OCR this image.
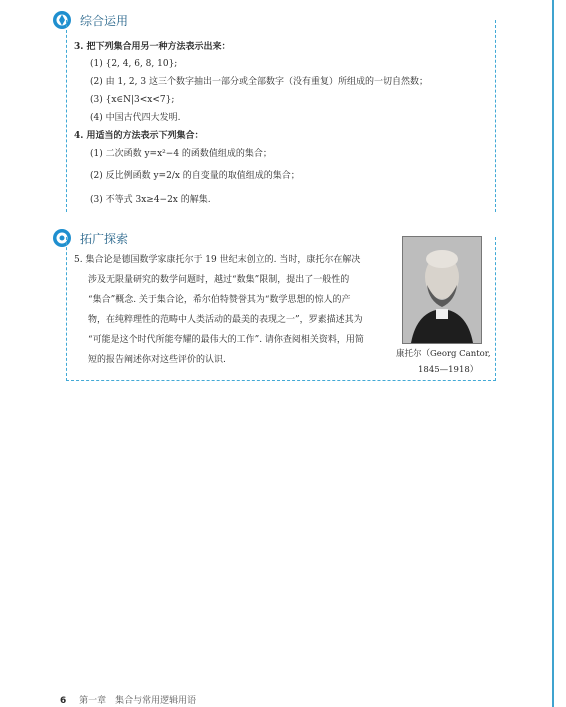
综合运用
3. 把下列集合用另一种方法表示出来：
(1) {2, 4, 6, 8, 10};
(2) 由 1, 2, 3 这三个数字抽出一部分或全部数字（没有重复）所组成的一切自然数；
(3) {x∈N|3<x<7};
(4) 中国古代四大发明.
4. 用适当的方法表示下列集合：
(1) 二次函数 y=x²−4 的函数值组成的集合；
(2) 反比例函数 y=2/x 的自变量的取值组成的集合；
(3) 不等式 3x≥4−2x 的解集.
拓广探索
5. 集合论是德国数学家康托尔于 19 世纪末创立的. 当时，康托尔在解决
涉及无限量研究的数学问题时，越过“数集”限制，提出了一般性的
“集合”概念. 关于集合论，希尔伯特赞誉其为“数学思想的惊人的产
物，在纯粹理性的范畴中人类活动的最美的表现之一”，罗素描述其为
“可能是这个时代所能夸耀的最伟大的工作”. 请你查阅相关资料，用简
短的报告阐述你对这些评价的认识.
康托尔（Georg Cantor,
1845—1918）
6 第一章　集合与常用逻辑用语
